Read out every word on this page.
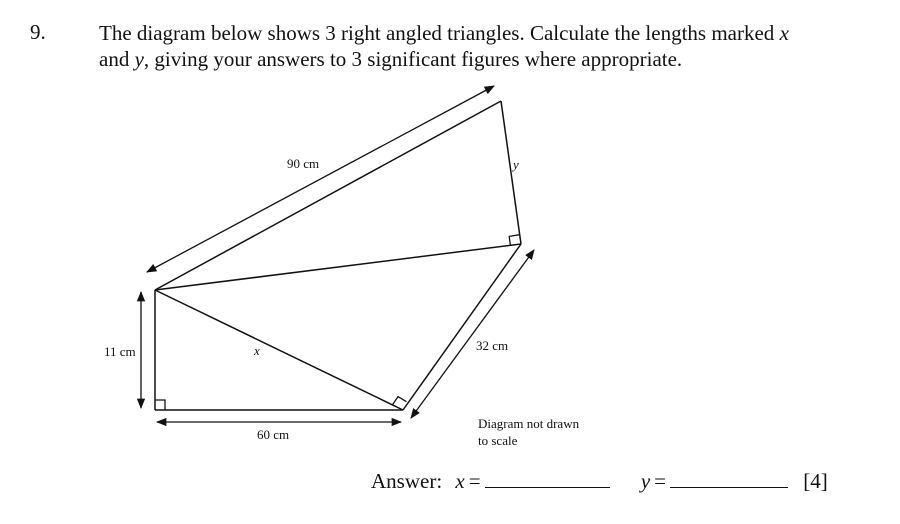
9.	The diagram below shows 3 right angled triangles. Calculate the lengths marked x
and y, giving your answers to 3 significant figures where appropriate.
90 cm	y
11 cm	x	32 cm
60 cm
Diagram not drawn
to scale
Answer: x =	y =	[4]
